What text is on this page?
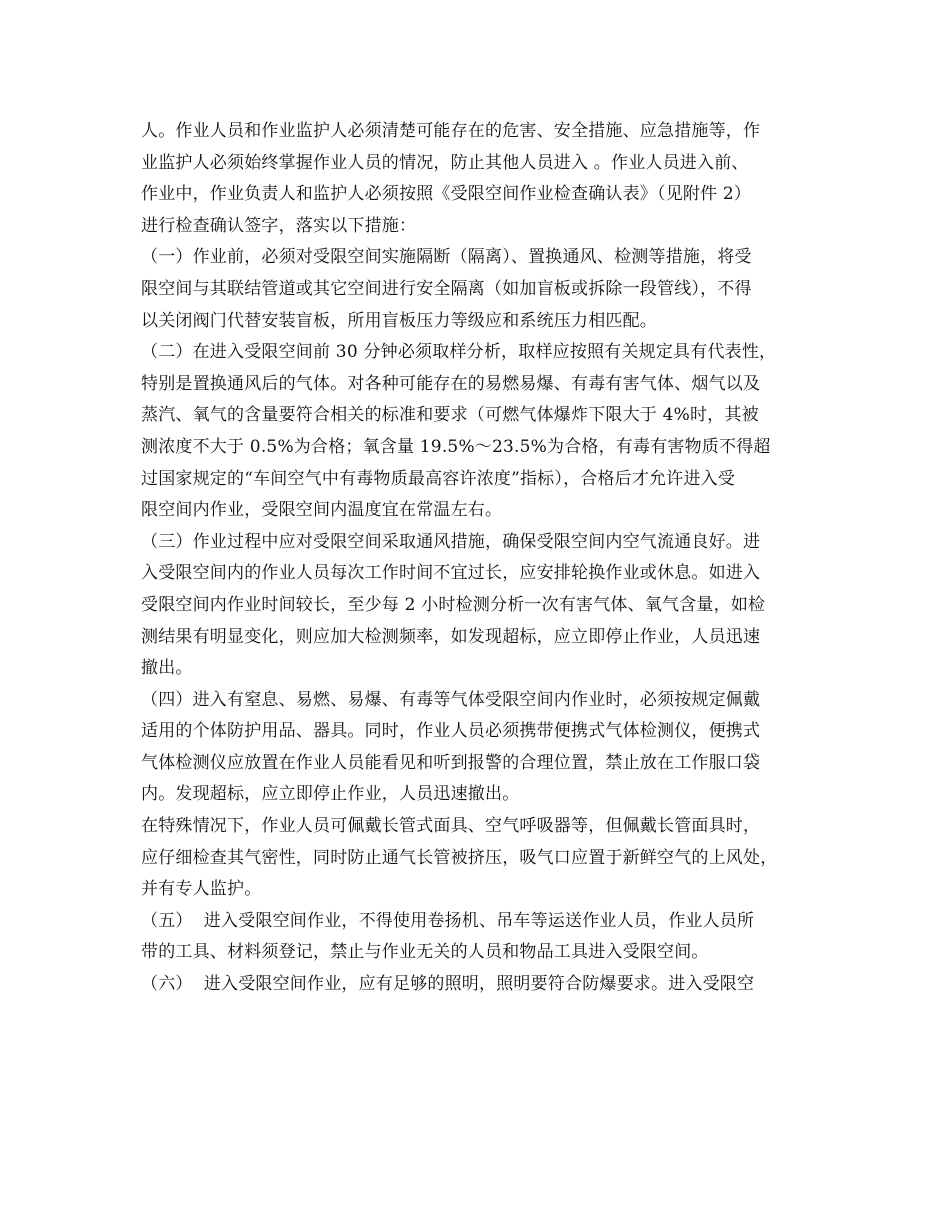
人。作业人员和作业监护人必须清楚可能存在的危害、安全措施、应急措施等，作
业监护人必须始终掌握作业人员的情况，防止其他人员进入 。作业人员进入前、
作业中，作业负责人和监护人必须按照《受限空间作业检查确认表》（见附件 2）
进行检查确认签字，落实以下措施：
（一）作业前，必须对受限空间实施隔断（隔离）、置换通风、检测等措施，将受
限空间与其联结管道或其它空间进行安全隔离（如加盲板或拆除一段管线），不得
以关闭阀门代替安装盲板，所用盲板压力等级应和系统压力相匹配。
（二）在进入受限空间前 30 分钟必须取样分析，取样应按照有关规定具有代表性，
特别是置换通风后的气体。对各种可能存在的易燃易爆、有毒有害气体、烟气以及
蒸汽、氧气的含量要符合相关的标准和要求（可燃气体爆炸下限大于 4%时，其被
测浓度不大于 0.5%为合格；氧含量 19.5%～23.5%为合格，有毒有害物质不得超
过国家规定的“车间空气中有毒物质最高容许浓度”指标），合格后才允许进入受
限空间内作业，受限空间内温度宜在常温左右。
（三）作业过程中应对受限空间采取通风措施，确保受限空间内空气流通良好。进
入受限空间内的作业人员每次工作时间不宜过长，应安排轮换作业或休息。如进入
受限空间内作业时间较长，至少每 2 小时检测分析一次有害气体、氧气含量，如检
测结果有明显变化，则应加大检测频率，如发现超标，应立即停止作业，人员迅速
撤出。
（四）进入有窒息、易燃、易爆、有毒等气体受限空间内作业时，必须按规定佩戴
适用的个体防护用品、器具。同时，作业人员必须携带便携式气体检测仪，便携式
气体检测仪应放置在作业人员能看见和听到报警的合理位置，禁止放在工作服口袋
内。发现超标，应立即停止作业，人员迅速撤出。
在特殊情况下，作业人员可佩戴长管式面具、空气呼吸器等，但佩戴长管面具时，
应仔细检查其气密性，同时防止通气长管被挤压，吸气口应置于新鲜空气的上风处，
并有专人监护。
（五）  进入受限空间作业，不得使用卷扬机、吊车等运送作业人员，作业人员所
带的工具、材料须登记，禁止与作业无关的人员和物品工具进入受限空间。
（六）  进入受限空间作业，应有足够的照明，照明要符合防爆要求。进入受限空
